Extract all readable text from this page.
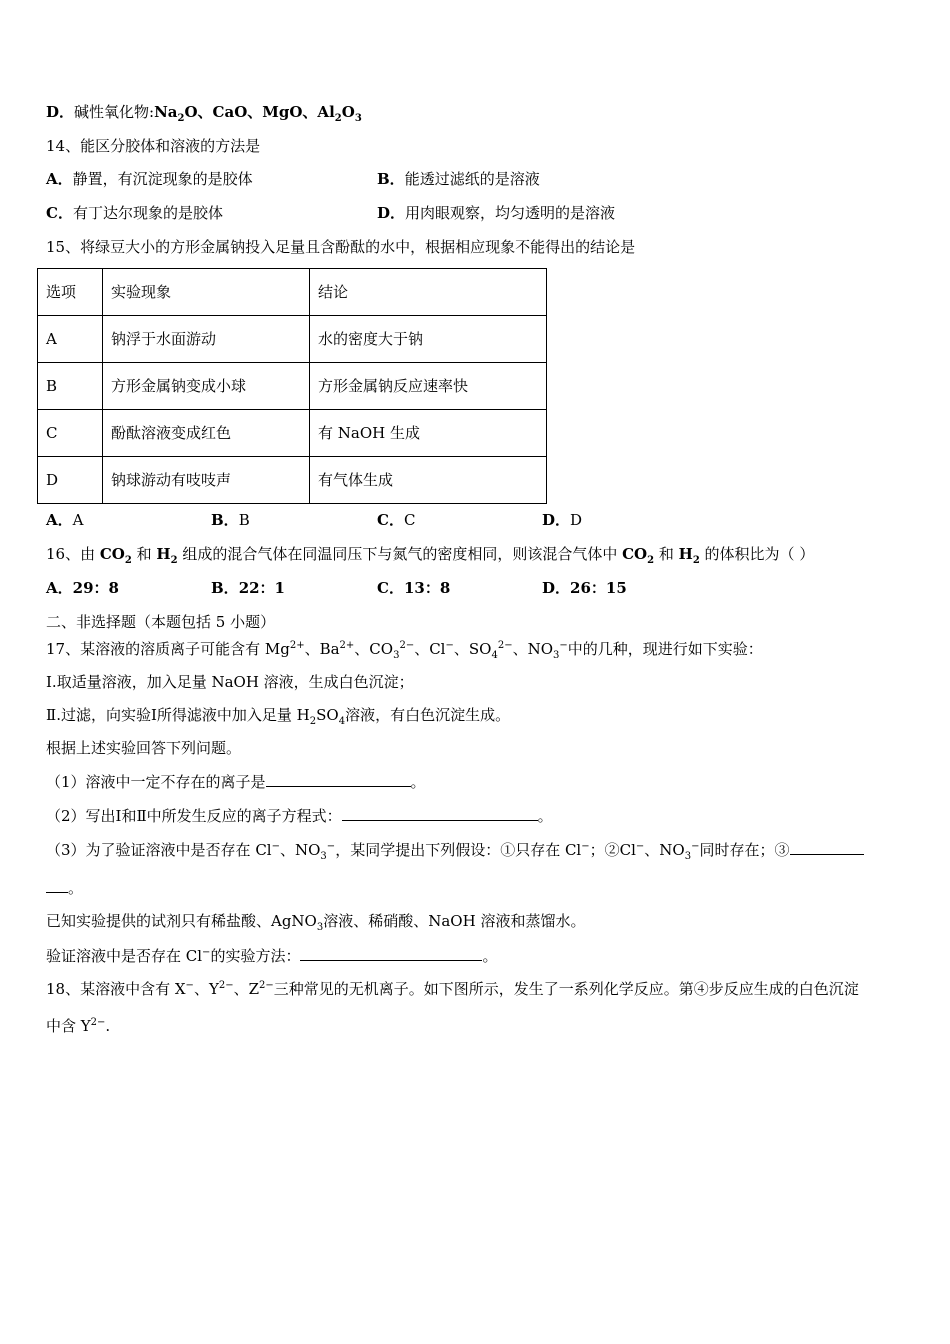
D．碱性氧化物$:Na_2O$、CaO、MgO、$Al_2O_3$
14、能区分胶体和溶液的方法是
A．静置，有沉淀现象的是胶体	B．能透过滤纸的是溶液
C．有丁达尔现象的是胶体	D．用肉眼观察，均匀透明的是溶液
15、将绿豆大小的方形金属钠投入足量且含酚酞的水中，根据相应现象不能得出的结论是
选项	实验现象	结论
A	钠浮于水面游动	水的密度大于钠
B	方形金属钠变成小球	方形金属钠反应速率快
C	酚酞溶液变成红色	有 NaOH 生成
D	钠球游动有吱吱声	有气体生成
A．A	B．B	C．C	D．D
16、由 $CO_2$ 和 $H_2$ 组成的混合气体在同温同压下与氮气的密度相同，则该混合气体中 $CO_2$ 和 $H_2$ 的体积比为（ ）
A．29：8	B．22：1	C．13：8	D．26：15
二、非选择题（本题包括 5 小题）
17、某溶液的溶质离子可能含有 $Mg^{2+}$、$Ba^{2+}$、$CO_3^{2-}$、Cl−、$SO_4^{2-}$、$NO_3^-$中的几种，现进行如下实验：
Ⅰ.取适量溶液，加入足量 NaOH 溶液，生成白色沉淀；
Ⅱ.过滤，向实验Ⅰ所得滤液中加入足量 $H_2SO_4$溶液，有白色沉淀生成。
根据上述实验回答下列问题。
（1）溶液中一定不存在的离子是	。
（2）写出Ⅰ和Ⅱ中所发生反应的离子方程式：	。
（3）为了验证溶液中是否存在 Cl−、$NO_3^-$，某同学提出下列假设：①只存在 Cl−；②Cl−、$NO_3^-$同时存在；③
。
已知实验提供的试剂只有稀盐酸、AgNO$_3$溶液、稀硝酸、NaOH 溶液和蒸馏水。
验证溶液中是否存在 Cl−的实验方法：	。
18、某溶液中含有 X−、$Y^{2-}$、$Z^{2-}$三种常见的无机离子。如下图所示，发生了一系列化学反应。第④步反应生成的白色沉淀
中含 $Y^{2-}$.
